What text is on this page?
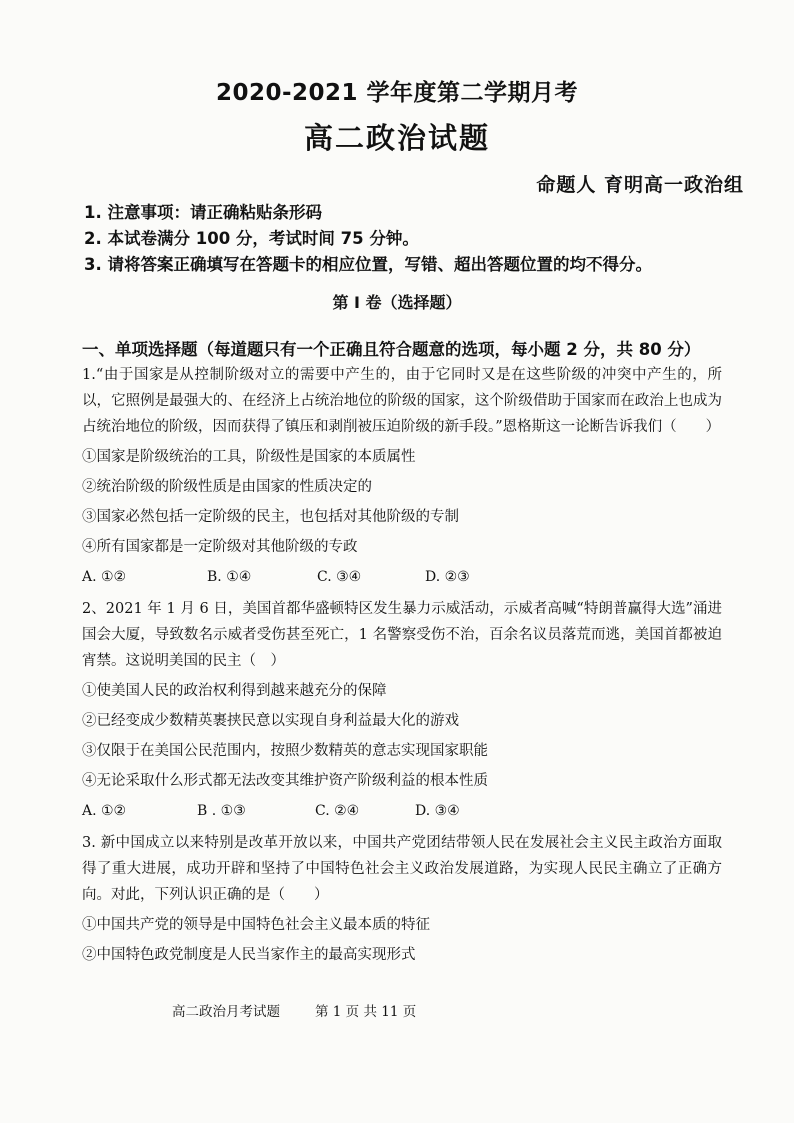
2020-2021 学年度第二学期月考
高二政治试题
命题人 育明高一政治组
1. 注意事项：请正确粘贴条形码
2. 本试卷满分 100 分，考试时间 75 分钟。
3. 请将答案正确填写在答题卡的相应位置，写错、超出答题位置的均不得分。
第 I 卷（选择题）
一、单项选择题（每道题只有一个正确且符合题意的选项，每小题 2 分，共 80 分）

1.“由于国家是从控制阶级对立的需要中产生的，由于它同时又是在这些阶级的冲突中产生的，所以，它照例是最强大的、在经济上占统治地位的阶级的国家，这个阶级借助于国家而在政治上也成为占统治地位的阶级，因而获得了镇压和剥削被压迫阶级的新手段。”恩格斯这一论断告诉我们（　　）

①国家是阶级统治的工具，阶级性是国家的本质属性

②统治阶级的阶级性质是由国家的性质决定的

③国家必然包括一定阶级的民主，也包括对其他阶级的专制

④所有国家都是一定阶级对其他阶级的专政

A. ①②	B. ①④	C. ③④	D. ②③

2、2021 年 1 月 6 日，美国首都华盛顿特区发生暴力示威活动，示威者高喊“特朗普赢得大选”涌进国会大厦，导致数名示威者受伤甚至死亡，1 名警察受伤不治，百余名议员落荒而逃，美国首都被迫宵禁。这说明美国的民主（　）

①使美国人民的政治权利得到越来越充分的保障

②已经变成少数精英裹挟民意以实现自身利益最大化的游戏

③仅限于在美国公民范围内，按照少数精英的意志实现国家职能

④无论采取什么形式都无法改变其维护资产阶级利益的根本性质

A. ①②	B . ①③	C. ②④	D. ③④

3. 新中国成立以来特别是改革开放以来，中国共产党团结带领人民在发展社会主义民主政治方面取得了重大进展，成功开辟和坚持了中国特色社会主义政治发展道路，为实现人民民主确立了正确方向。对此，下列认识正确的是（　　）

①中国共产党的领导是中国特色社会主义最本质的特征

②中国特色政党制度是人民当家作主的最高实现形式

高二政治月考试题	第 1 页 共 11 页
